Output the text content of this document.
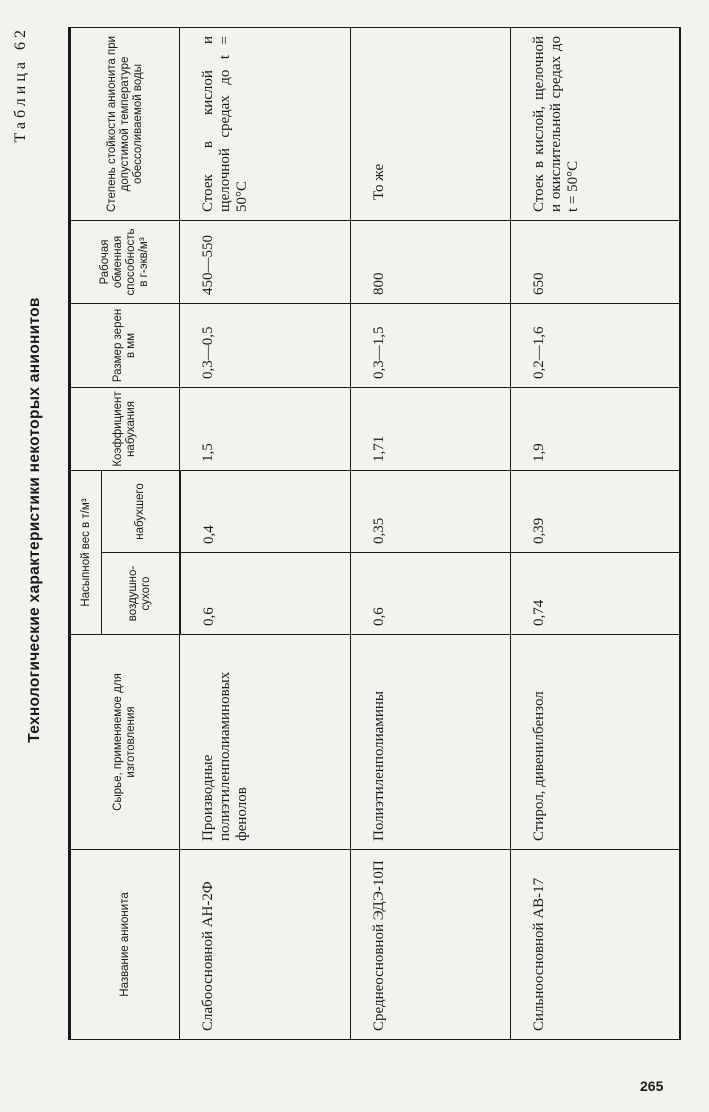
Таблица 62
Технологические характеристики некоторых анионитов
Название анионита	Сырье, применяемое для изготовления	Насыпной вес в т/м³		Коэффициент набухания	Размер зерен в мм	Рабочая обменная способность в г-экв/м³	Степень стойкости анионита при допустимой температуре обессоливаемой воды
		воздушно-сухого	набухшего				
Слабоосновной АН-2Ф	Производные полиэтиленполиаминовых фенолов	0,6	0,4	1,5	0,3—0,5	450—550	Стоек в кислой и щелочной средах до t = 50°C
Среднеосновной ЭДЭ-10П	Полиэтиленполиамины	0,6	0,35	1,71	0,3—1,5	800	То же
Сильноосновной АВ-17	Стирол, дивенилбензол	0,74	0,39	1,9	0,2—1,6	650	Стоек в кислой, щелочной и окислительной средах до t = 50°C
265
